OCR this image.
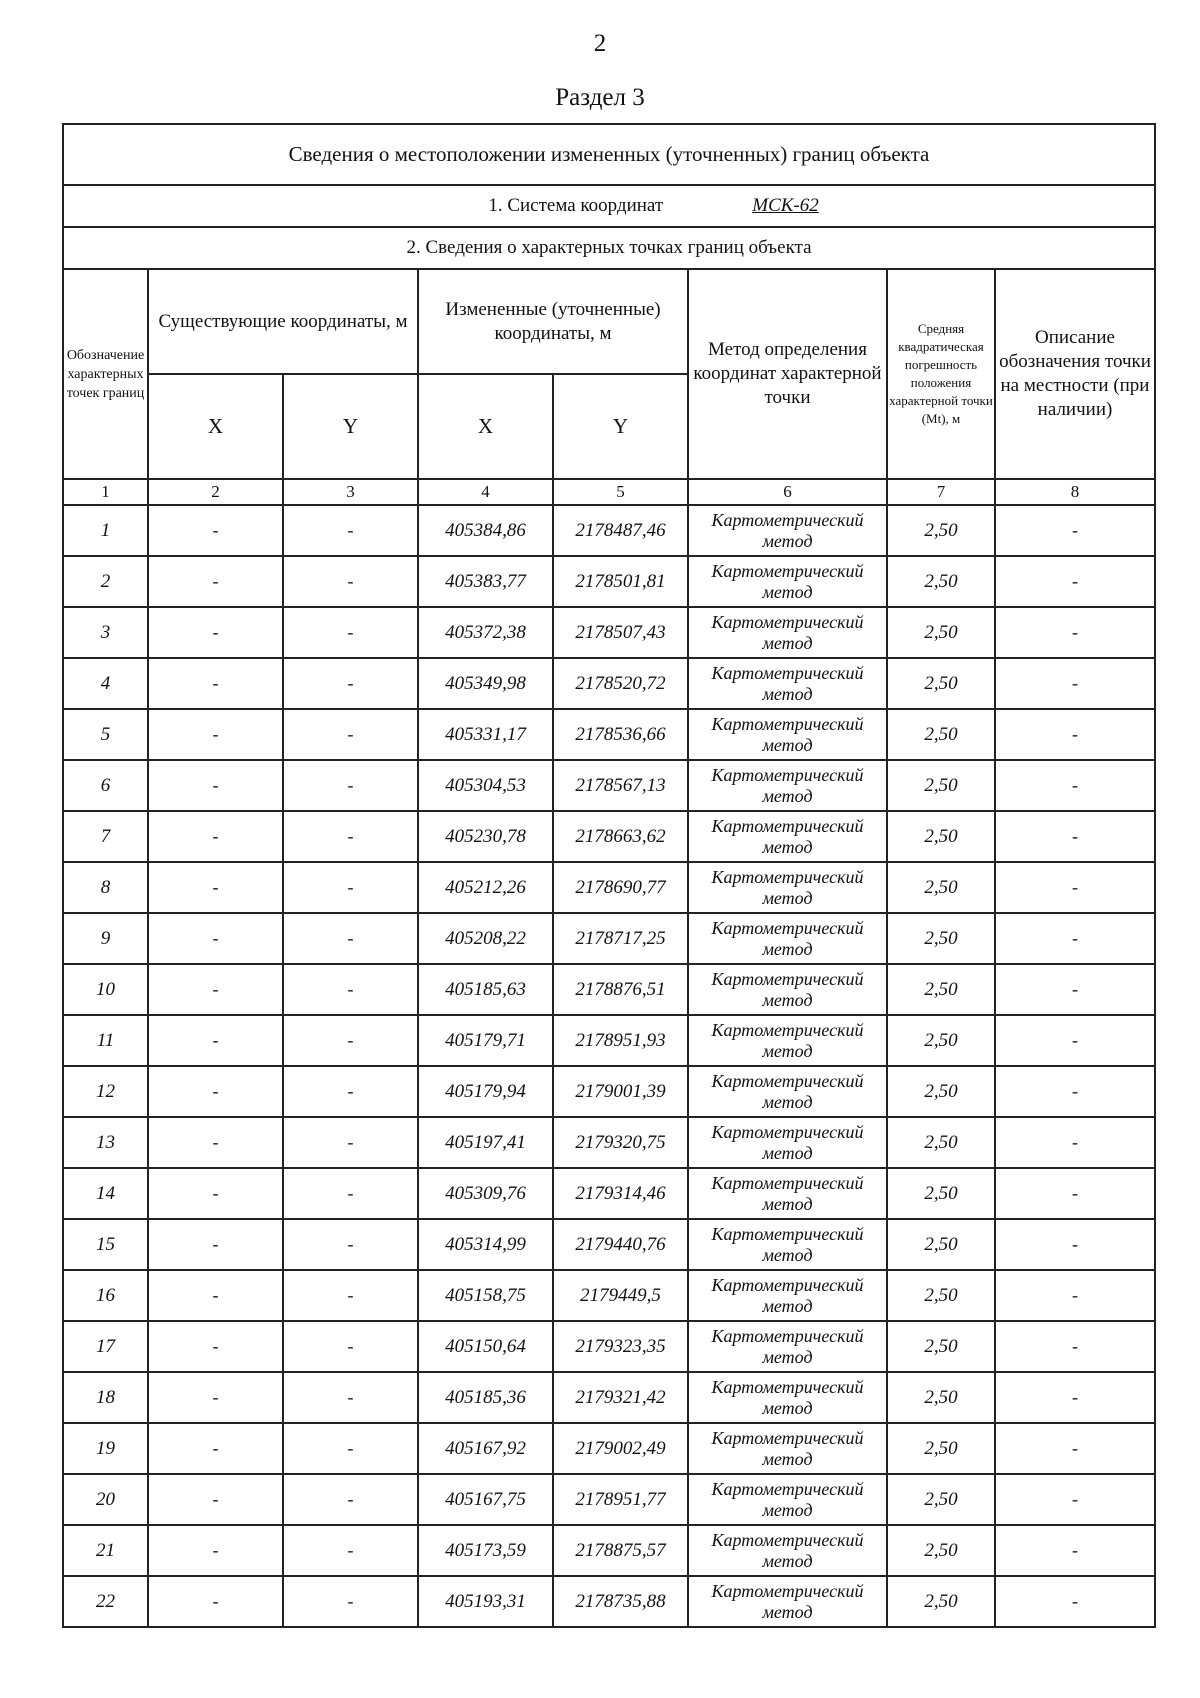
2
Раздел 3
Сведения о местоположении измененных (уточненных) границ объекта							
1. Система координат МСК-62							
2. Сведения о характерных точках границ объекта							
Обозначение характерных точек границ	Существующие координаты, м		Измененные (уточненные) координаты, м		Метод определения координат характерной точки	Средняя квадратическая погрешность положения характерной точки (Mt), м	Описание обозначения точки на местности (при наличии)
	X	Y	X	Y			
1	2	3	4	5	6	7	8
1	-	-	405384,86	2178487,46	Картометрический метод	2,50	-
2	-	-	405383,77	2178501,81	Картометрический метод	2,50	-
3	-	-	405372,38	2178507,43	Картометрический метод	2,50	-
4	-	-	405349,98	2178520,72	Картометрический метод	2,50	-
5	-	-	405331,17	2178536,66	Картометрический метод	2,50	-
6	-	-	405304,53	2178567,13	Картометрический метод	2,50	-
7	-	-	405230,78	2178663,62	Картометрический метод	2,50	-
8	-	-	405212,26	2178690,77	Картометрический метод	2,50	-
9	-	-	405208,22	2178717,25	Картометрический метод	2,50	-
10	-	-	405185,63	2178876,51	Картометрический метод	2,50	-
11	-	-	405179,71	2178951,93	Картометрический метод	2,50	-
12	-	-	405179,94	2179001,39	Картометрический метод	2,50	-
13	-	-	405197,41	2179320,75	Картометрический метод	2,50	-
14	-	-	405309,76	2179314,46	Картометрический метод	2,50	-
15	-	-	405314,99	2179440,76	Картометрический метод	2,50	-
16	-	-	405158,75	2179449,5	Картометрический метод	2,50	-
17	-	-	405150,64	2179323,35	Картометрический метод	2,50	-
18	-	-	405185,36	2179321,42	Картометрический метод	2,50	-
19	-	-	405167,92	2179002,49	Картометрический метод	2,50	-
20	-	-	405167,75	2178951,77	Картометрический метод	2,50	-
21	-	-	405173,59	2178875,57	Картометрический метод	2,50	-
22	-	-	405193,31	2178735,88	Картометрический метод	2,50	-
